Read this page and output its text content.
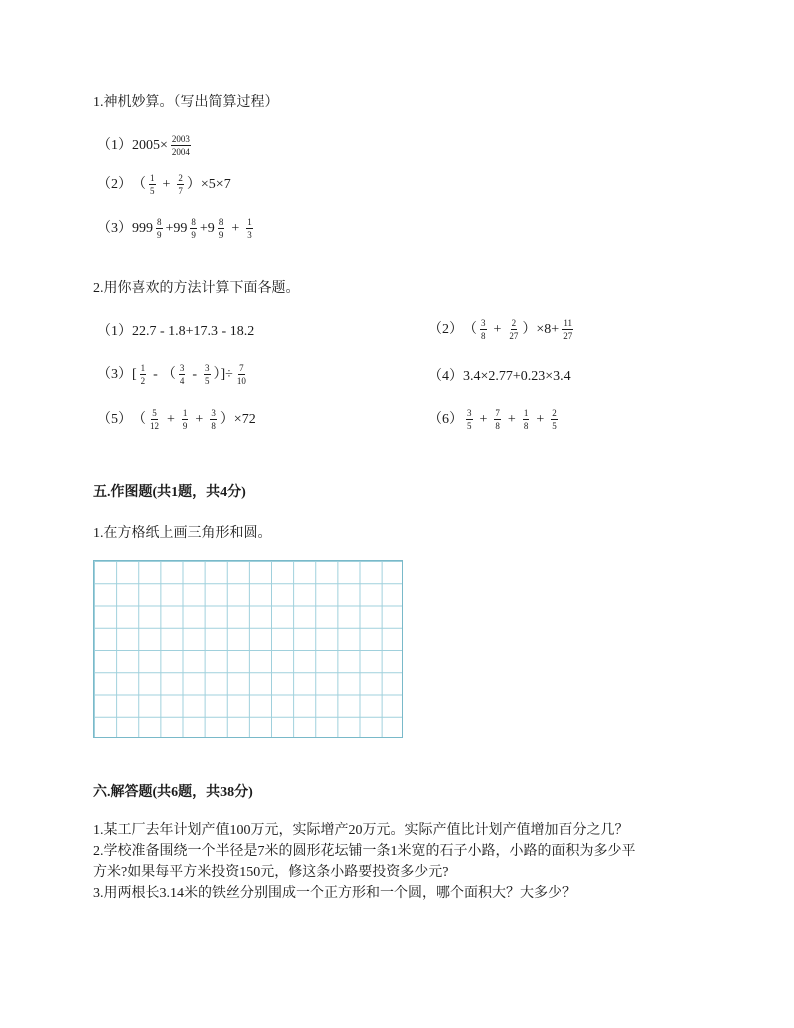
1.神机妙算。（写出简算过程）
$(1)2005\times \frac{2003}{2004}$
（2） （ $\frac{1}{5} + \frac{2}{7} )\times 5\times 7$
$(3)999 \frac{8}{9} +99 \frac{8}{9} +9 \frac{8}{9} + \frac{1}{3}$
2.用你喜欢的方法计算下面各题。
（1）22.7 - 1.8+17.3 - 18.2	（2） （ $\frac{3}{8} + \frac{2}{27} )\times 8+ \frac{11}{27}$
$(3)[ \frac{1}{2}$ - （ $\frac{3}{4} - \frac{3}{5}$ ）]÷ $\frac{7}{10}$	（4）3.4×2.77+0.23×3.4
（5） （ $\frac{5}{12} + \frac{1}{9} + \frac{3}{8} )\times 72$	$(6) \frac{3}{5} + \frac{7}{8} + \frac{1}{8} + \frac{2}{5}$
五.作图题(共1题，共4分)
1.在方格纸上画三角形和圆。
六.解答题(共6题，共38分)
1.某工厂去年计划产值100万元，实际增产20万元。实际产值比计划产值增加百分之几？
2.学校准备围绕一个半径是7米的圆形花坛铺一条1米宽的石子小路，小路的面积为多少平
方米?如果每平方米投资150元，修这条小路要投资多少元?
3.用两根长3.14米的铁丝分别围成一个正方形和一个圆，哪个面积大？大多少？
